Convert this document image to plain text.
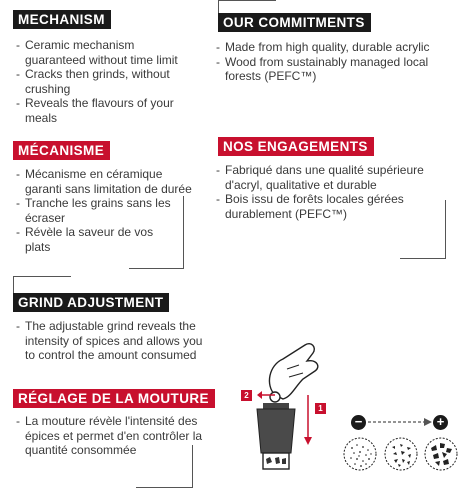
MECHANISM
- Ceramic mechanism guaranteed without time limit
- Cracks then grinds, without crushing
- Reveals the flavours of your meals
MÉCANISME
- Mécanisme en céramique garanti sans limitation de durée
- Tranche les grains sans les écraser
- Révèle la saveur de vos plats
OUR COMMITMENTS
- Made from high quality, durable acrylic
- Wood from sustainably managed local forests (PEFC™)
NOS ENGAGEMENTS
- Fabriqué dans une qualité supérieure d'acryl, qualitative et durable
- Bois issu de forêts locales gérées durablement (PEFC™)
GRIND ADJUSTMENT
- The adjustable grind reveals the intensity of spices and allows you to control the amount consumed
RÉGLAGE DE LA MOUTURE
- La mouture révèle l'intensité des épices et permet d'en contrôler la quantité consommée
2
1
−	+
